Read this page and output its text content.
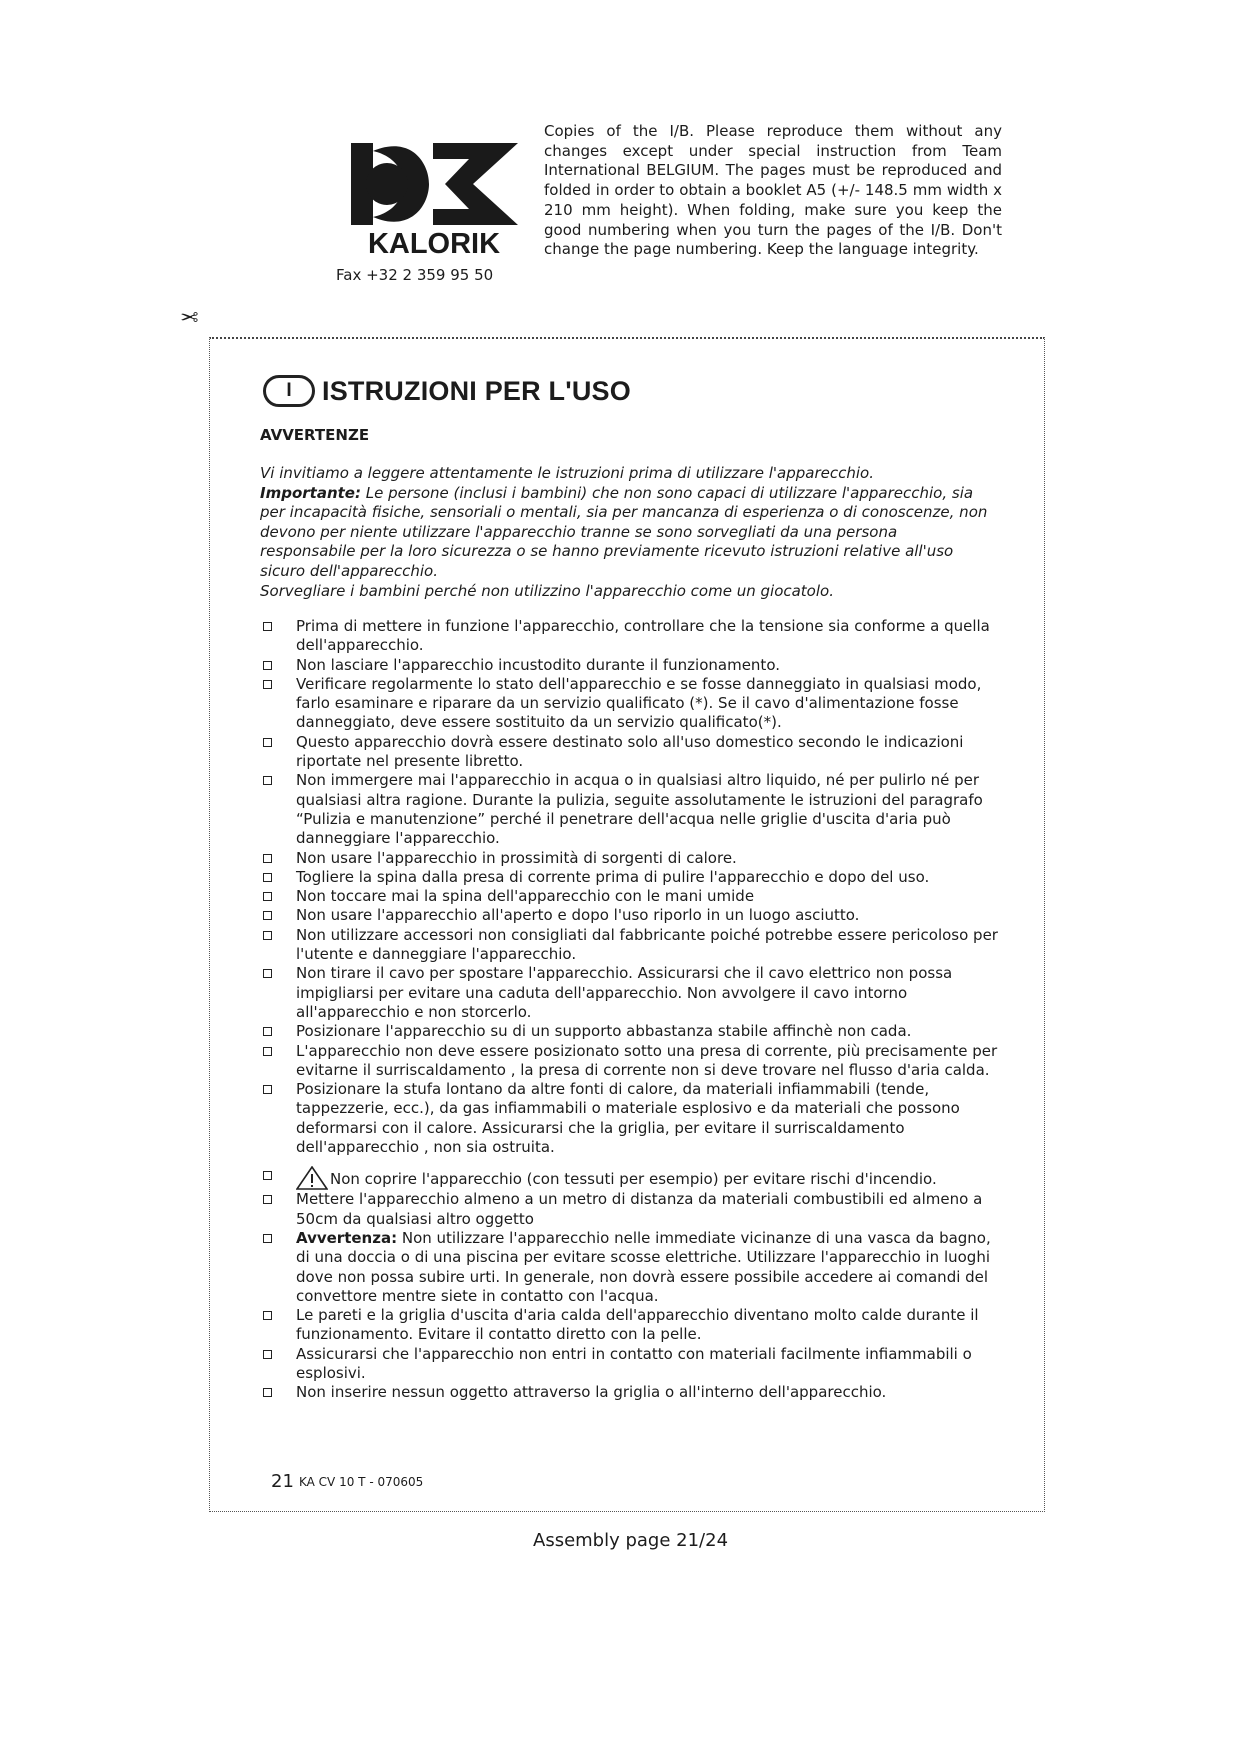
KALORIK
Fax +32 2 359 95 50
Copies of the I/B. Please reproduce them without any changes except under special instruction from Team International BELGIUM. The pages must be reproduced and folded in order to obtain a booklet A5 (+/- 148.5 mm width x 210 mm height). When folding, make sure you keep the good numbering when you turn the pages of the I/B. Don't change the page numbering. Keep the language integrity.
✂
I	ISTRUZIONI PER L'USO
AVVERTENZE

Vi invitiamo a leggere attentamente le istruzioni prima di utilizzare l'apparecchio.

Importante: Le persone (inclusi i bambini) che non sono capaci di utilizzare l'apparecchio, sia per incapacità fisiche, sensoriali o mentali, sia per mancanza di esperienza o di conoscenze, non devono per niente utilizzare l'apparecchio tranne se sono sorvegliati da una persona responsabile per la loro sicurezza o se hanno previamente ricevuto istruzioni relative all'uso sicuro dell'apparecchio.

Sorvegliare i bambini perché non utilizzino l'apparecchio come un giocatolo.

Prima di mettere in funzione l'apparecchio, controllare che la tensione sia conforme a quella dell'apparecchio.
Non lasciare l'apparecchio incustodito durante il funzionamento.
Verificare regolarmente lo stato dell'apparecchio e se fosse danneggiato in qualsiasi modo, farlo esaminare e riparare da un servizio qualificato (*). Se il cavo d'alimentazione fosse danneggiato, deve essere sostituito da un servizio qualificato(*).
Questo apparecchio dovrà essere destinato solo all'uso domestico secondo le indicazioni riportate nel presente libretto.
Non immergere mai l'apparecchio in acqua o in qualsiasi altro liquido, né per pulirlo né per qualsiasi altra ragione. Durante la pulizia, seguite assolutamente le istruzioni del paragrafo “Pulizia e manutenzione” perché il penetrare dell'acqua nelle griglie d'uscita d'aria può danneggiare l'apparecchio.
Non usare l'apparecchio in prossimità di sorgenti di calore.
Togliere la spina dalla presa di corrente prima di pulire l'apparecchio e dopo del uso.
Non toccare mai la spina dell'apparecchio con le mani umide
Non usare l'apparecchio all'aperto e dopo l'uso riporlo in un luogo asciutto.
Non utilizzare accessori non consigliati dal fabbricante poiché potrebbe essere pericoloso per l'utente e danneggiare l'apparecchio.
Non tirare il cavo per spostare l'apparecchio. Assicurarsi che il cavo elettrico non possa impigliarsi per evitare una caduta dell'apparecchio. Non avvolgere il cavo intorno all'apparecchio e non storcerlo.
Posizionare l'apparecchio su di un supporto abbastanza stabile affinchè non cada.
L'apparecchio non deve essere posizionato sotto una presa di corrente, più precisamente per evitarne il surriscaldamento , la presa di corrente non si deve trovare nel flusso d'aria calda.
Posizionare la stufa lontano da altre fonti di calore, da materiali infiammabili (tende, tappezzerie, ecc.), da gas infiammabili o materiale esplosivo e da materiali che possono deformarsi con il calore. Assicurarsi che la griglia, per evitare il surriscaldamento dell'apparecchio , non sia ostruita.
Non coprire l'apparecchio (con tessuti per esempio) per evitare rischi d'incendio.
Mettere l'apparecchio almeno a un metro di distanza da materiali combustibili ed almeno a 50cm da qualsiasi altro oggetto
Avvertenza: Non utilizzare l'apparecchio nelle immediate vicinanze di una vasca da bagno, di una doccia o di una piscina per evitare scosse elettriche. Utilizzare l'apparecchio in luoghi dove non possa subire urti. In generale, non dovrà essere possibile accedere ai comandi del convettore mentre siete in contatto con l'acqua.
Le pareti e la griglia d'uscita d'aria calda dell'apparecchio diventano molto calde durante il funzionamento. Evitare il contatto diretto con la pelle.
Assicurarsi che l'apparecchio non entri in contatto con materiali facilmente infiammabili o esplosivi.
Non inserire nessun oggetto attraverso la griglia o all'interno dell'apparecchio.
21 KA CV 10 T - 070605
Assembly page 21/24
